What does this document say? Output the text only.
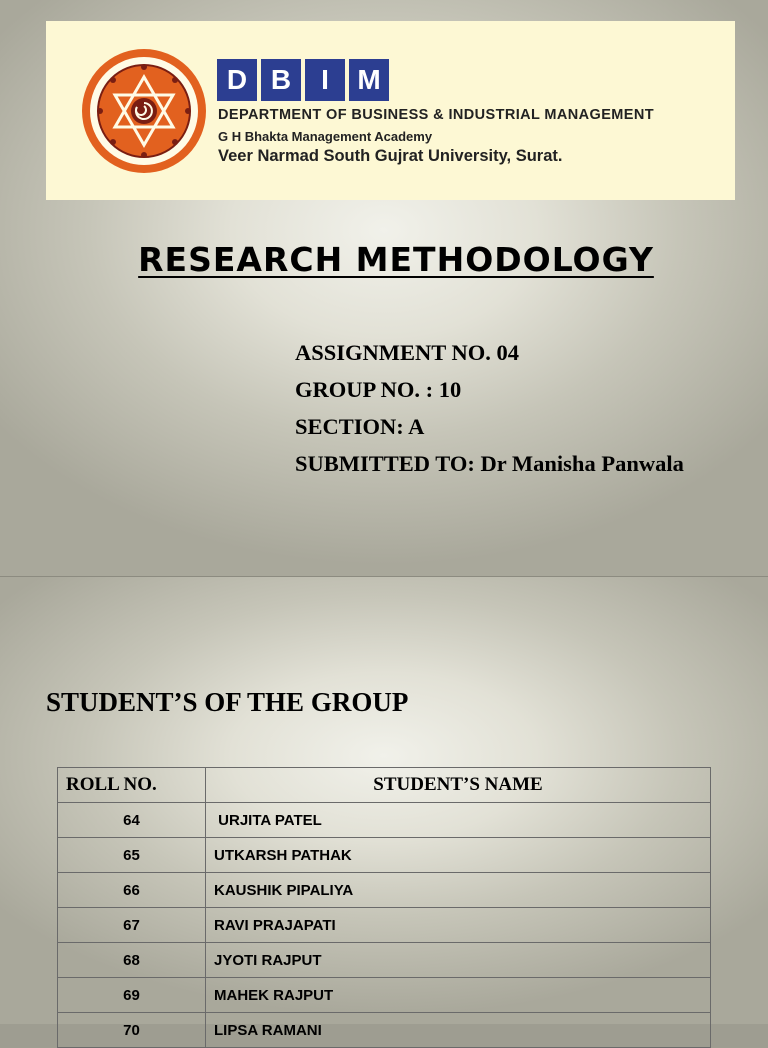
D B	I	M
DEPARTMENT OF BUSINESS & INDUSTRIAL MANAGEMENT
G H Bhakta Management Academy
Veer Narmad South Gujrat University, Surat.
RESEARCH METHODOLOGY
ASSIGNMENT NO. 04
GROUP NO. : 10
SECTION: A
SUBMITTED TO: Dr Manisha Panwala
STUDENT’S OF THE GROUP
ROLL NO.	STUDENT’S NAME
64	URJITA PATEL
65	UTKARSH PATHAK
66	KAUSHIK PIPALIYA
67	RAVI PRAJAPATI
68	JYOTI RAJPUT
69	MAHEK RAJPUT
70	LIPSA RAMANI
